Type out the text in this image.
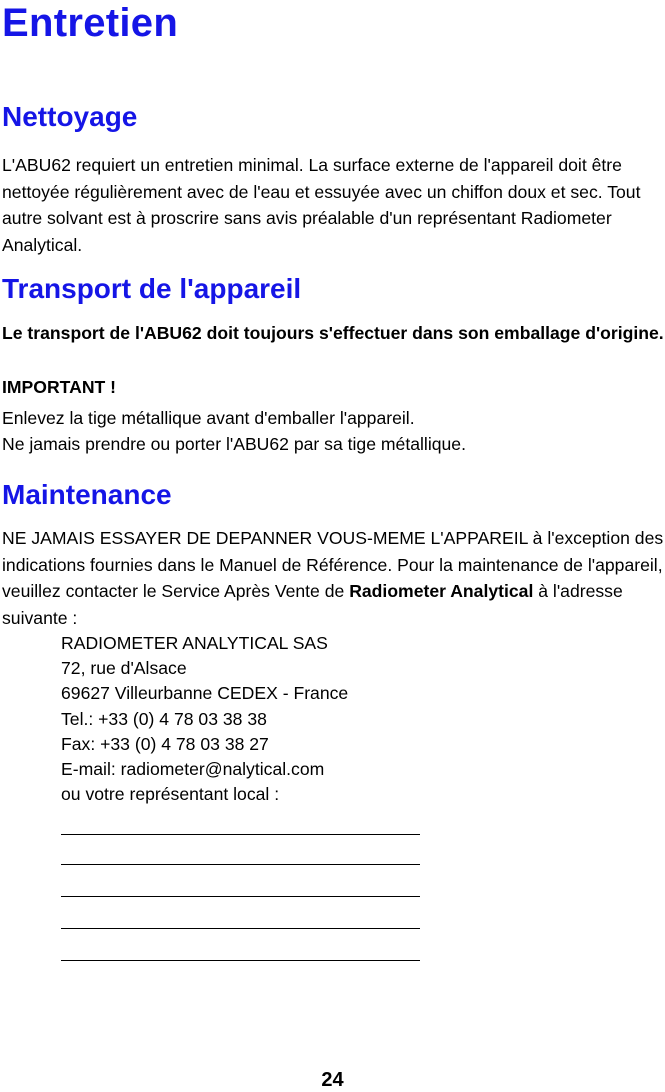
Entretien
Nettoyage

L'ABU62 requiert un entretien minimal. La surface externe de l'appareil doit être nettoyée régulièrement avec de l'eau et essuyée avec un chiffon doux et sec. Tout autre solvant est à proscrire sans avis préalable d'un représentant Radiometer Analytical.

Transport de l'appareil

Le transport de l'ABU62 doit toujours s'effectuer dans son emballage d'origine.

IMPORTANT !

Enlevez la tige métallique avant d'emballer l'appareil.

Ne jamais prendre ou porter l'ABU62 par sa tige métallique.

Maintenance

NE JAMAIS ESSAYER DE DEPANNER VOUS-MEME L'APPAREIL à l'exception des indications fournies dans le Manuel de Référence. Pour la maintenance de l'appareil, veuillez contacter le Service Après Vente de Radiometer Analytical à l'adresse suivante :

RADIOMETER ANALYTICAL SAS
72, rue d'Alsace
69627 Villeurbanne CEDEX - France
Tel.: +33 (0) 4 78 03 38 38
Fax: +33 (0) 4 78 03 38 27
E-mail: radiometer@nalytical.com
ou votre représentant local :
24
